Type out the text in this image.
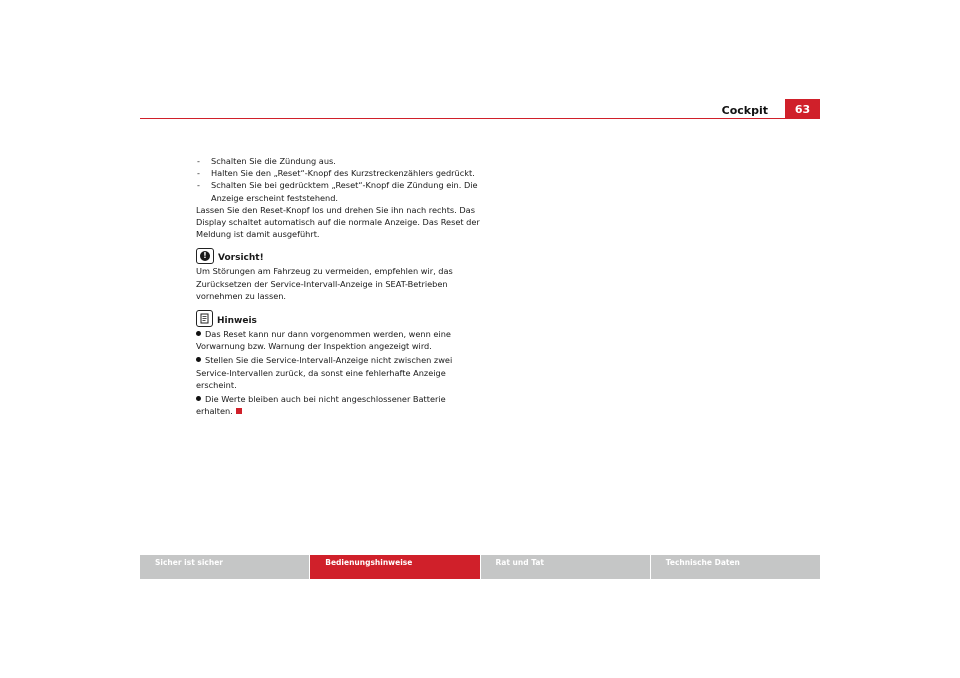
Cockpit	63
- Schalten Sie die Zündung aus.
- Halten Sie den „Reset“-Knopf des Kurzstreckenzählers gedrückt.
- Schalten Sie bei gedrücktem „Reset“-Knopf die Zündung ein. Die Anzeige erscheint feststehend.
Lassen Sie den Reset-Knopf los und drehen Sie ihn nach rechts. Das Display schaltet automatisch auf die normale Anzeige. Das Reset der Meldung ist damit ausgeführt.
!	Vorsicht!

Um Störungen am Fahrzeug zu vermeiden, empfehlen wir, das Zurücksetzen der Service-Intervall-Anzeige in SEAT-Betrieben vornehmen zu lassen.

Hinweis
Das Reset kann nur dann vorgenommen werden, wenn eine Vorwarnung bzw. Warnung der Inspektion angezeigt wird.
Stellen Sie die Service-Intervall-Anzeige nicht zwischen zwei Service-Intervallen zurück, da sonst eine fehlerhafte Anzeige erscheint.
Die Werte bleiben auch bei nicht angeschlossener Batterie erhalten.
Sicher ist sicher	Bedienungshinweise	Rat und Tat	Technische Daten
